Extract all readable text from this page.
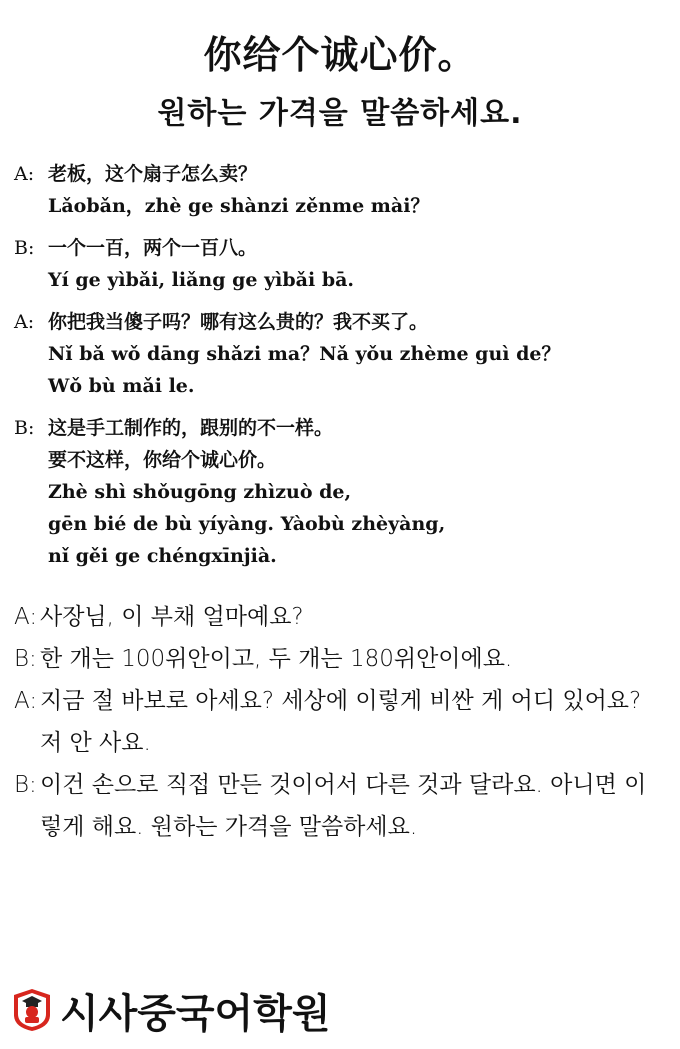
你给个诚心价。
원하는 가격을 말씀하세요.
A: 老板，这个扇子怎么卖？
Lǎobǎn，zhè ge shànzi zěnme mài？
B: 一个一百，两个一百八。
Yí ge yìbǎi, liǎng ge yìbǎi bā.
A: 你把我当傻子吗？哪有这么贵的？我不买了。
Nǐ bǎ wǒ dāng shǎzi ma？Nǎ yǒu zhème guì de？
Wǒ bù mǎi le.
B: 这是手工制作的，跟别的不一样。
要不这样，你给个诚心价。
Zhè shì shǒugōng zhìzuò de,
gēn bié de bù yíyàng. Yàobù zhèyàng,
nǐ gěi ge chéngxīnjià.
A: 사장님, 이 부채 얼마예요?
B: 한 개는 100위안이고, 두 개는 180위안이에요.
A: 지금 절 바보로 아세요? 세상에 이렇게 비싼 게 어디 있어요? 저 안 사요.
B: 이건 손으로 직접 만든 것이어서 다른 것과 달라요. 아니면 이렇게 해요. 원하는 가격을 말씀하세요.
시사중국어학원
